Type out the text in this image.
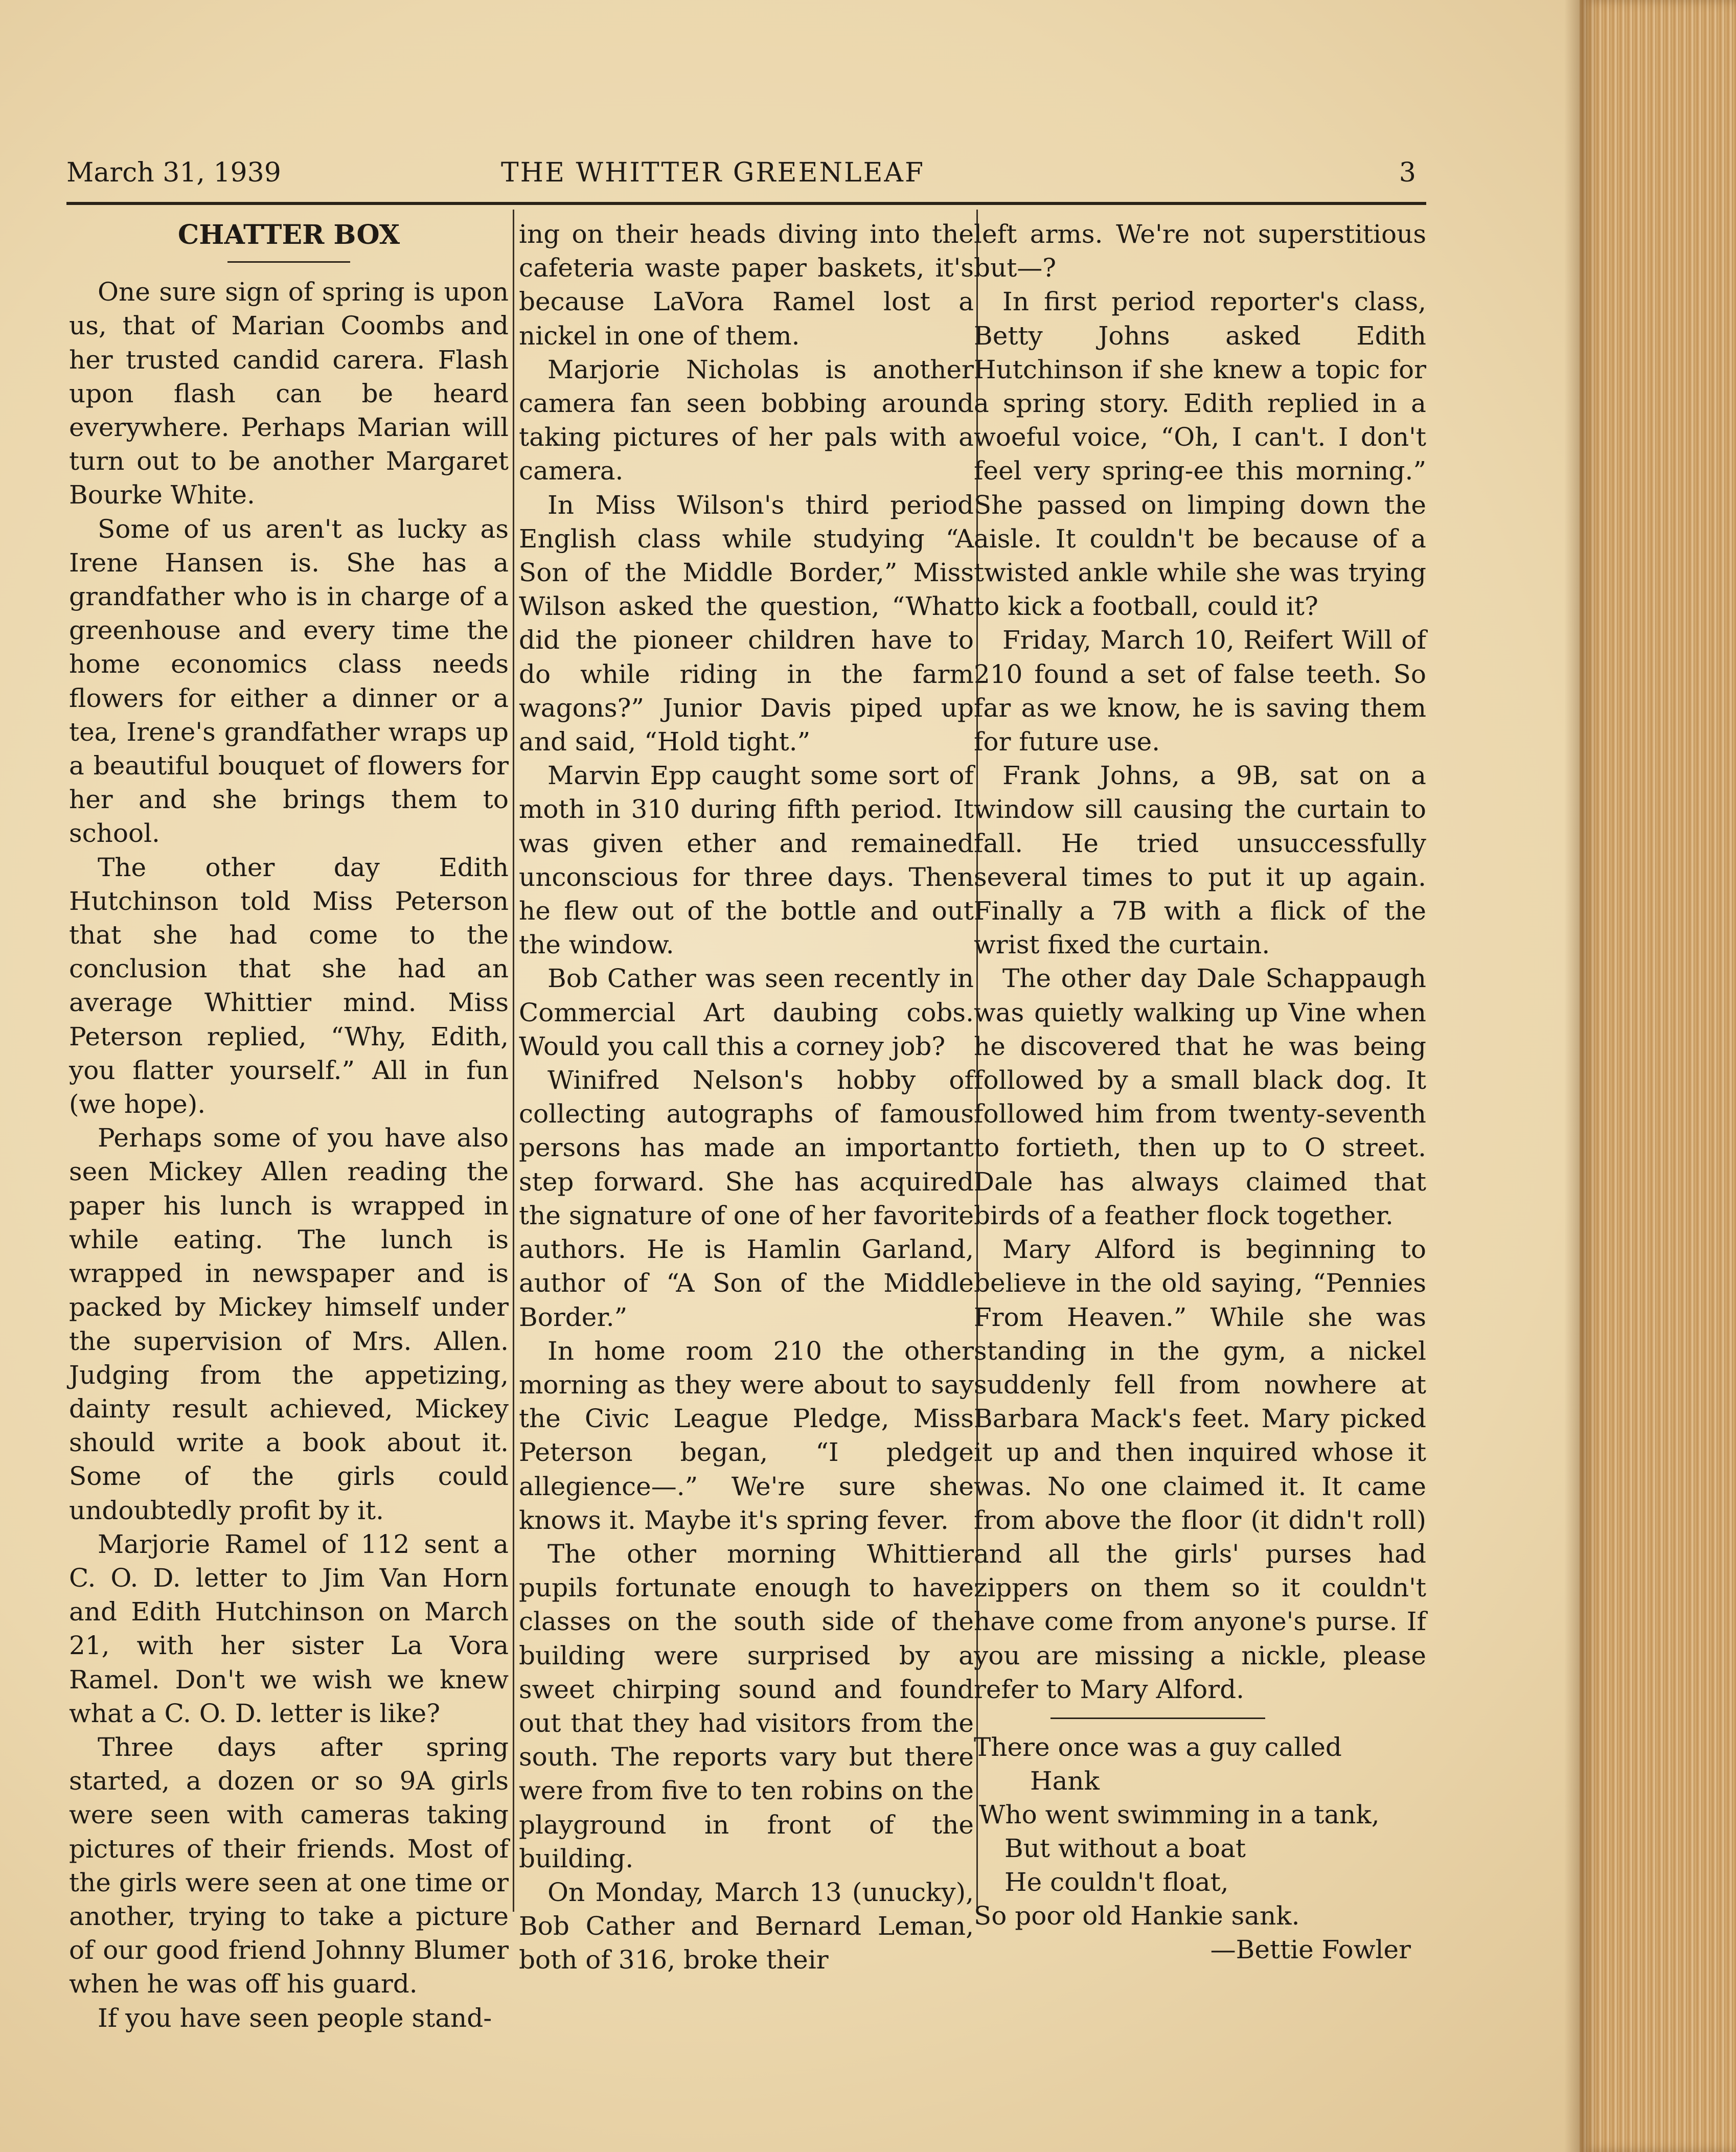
March 31, 1939	THE WHITTER GREENLEAF	3
CHATTER BOX

One sure sign of spring is upon us, that of Marian Coombs and her trusted candid carera. Flash upon flash can be heard everywhere. Perhaps Marian will turn out to be another Margaret Bourke White.

Some of us aren't as lucky as Irene Hansen is. She has a grandfather who is in charge of a greenhouse and every time the home economics class needs flowers for either a dinner or a tea, Irene's grandfather wraps up a beautiful bouquet of flowers for her and she brings them to school.

The other day Edith Hutchinson told Miss Peterson that she had come to the conclusion that she had an average Whittier mind. Miss Peterson replied, “Why, Edith, you flatter yourself.” All in fun (we hope).

Perhaps some of you have also seen Mickey Allen reading the paper his lunch is wrapped in while eating. The lunch is wrapped in newspaper and is packed by Mickey himself under the supervision of Mrs. Allen. Judging from the appetizing, dainty result achieved, Mickey should write a book about it. Some of the girls could undoubtedly profit by it.

Marjorie Ramel of 112 sent a C. O. D. letter to Jim Van Horn and Edith Hutchinson on March 21, with her sister La Vora Ramel. Don't we wish we knew what a C. O. D. letter is like?

Three days after spring started, a dozen or so 9A girls were seen with cameras taking pictures of their friends. Most of the girls were seen at one time or another, trying to take a picture of our good friend Johnny Blumer when he was off his guard.

If you have seen people stand-

ing on their heads diving into the cafeteria waste paper baskets, it's because LaVora Ramel lost a nickel in one of them.

Marjorie Nicholas is another camera fan seen bobbing around taking pictures of her pals with a camera.

In Miss Wilson's third period English class while studying “A Son of the Middle Border,” Miss Wilson asked the question, “What did the pioneer children have to do while riding in the farm wagons?” Junior Davis piped up and said, “Hold tight.”

Marvin Epp caught some sort of moth in 310 during fifth period. It was given ether and remained unconscious for three days. Then he flew out of the bottle and out the window.

Bob Cather was seen recently in Commercial Art daubing cobs. Would you call this a corney job?

Winifred Nelson's hobby of collecting autographs of famous persons has made an important step forward. She has acquired the signature of one of her favorite authors. He is Hamlin Garland, author of “A Son of the Middle Border.”

In home room 210 the other morning as they were about to say the Civic League Pledge, Miss Peterson began, “I pledge allegience—.” We're sure she knows it. Maybe it's spring fever.

The other morning Whittier pupils fortunate enough to have classes on the south side of the building were surprised by a sweet chirping sound and found out that they had visitors from the south. The reports vary but there were from five to ten robins on the playground in front of the building.

On Monday, March 13 (unucky), Bob Cather and Bernard Leman, both of 316, broke their

left arms. We're not superstitious but—?

In first period reporter's class, Betty Johns asked Edith Hutchinson if she knew a topic for a spring story. Edith replied in a woeful voice, “Oh, I can't. I don't feel very spring-ee this morning.” She passed on limping down the aisle. It couldn't be because of a twisted ankle while she was trying to kick a football, could it?

Friday, March 10, Reifert Will of 210 found a set of false teeth. So far as we know, he is saving them for future use.

Frank Johns, a 9B, sat on a window sill causing the curtain to fall. He tried unsuccessfully several times to put it up again. Finally a 7B with a flick of the wrist fixed the curtain.

The other day Dale Schappaugh was quietly walking up Vine when he discovered that he was being followed by a small black dog. It followed him from twenty-seventh to fortieth, then up to O street. Dale has always claimed that birds of a feather flock together.

Mary Alford is beginning to believe in the old saying, “Pennies From Heaven.” While she was standing in the gym, a nickel suddenly fell from nowhere at Barbara Mack's feet. Mary picked it up and then inquired whose it was. No one claimed it. It came from above the floor (it didn't roll) and all the girls' purses had zippers on them so it couldn't have come from anyone's purse. If you are missing a nickle, please refer to Mary Alford.

There once was a guy called
Hank
Who went swimming in a tank,
But without a boat
He couldn't float,
So poor old Hankie sank.
—Bettie Fowler
